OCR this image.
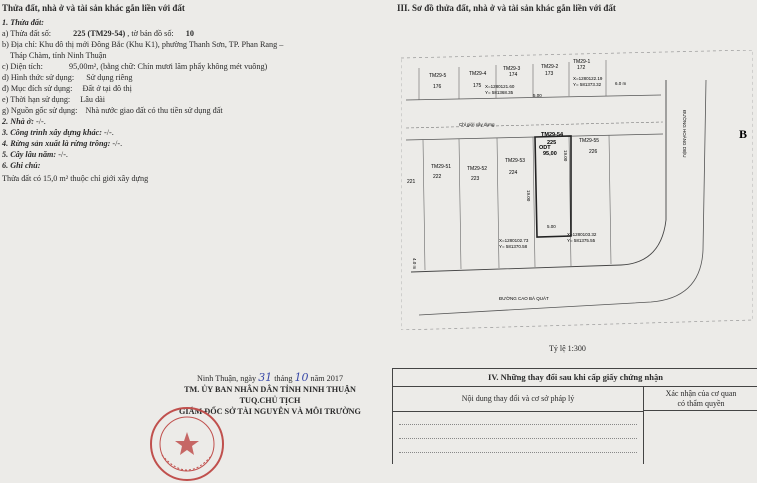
Thửa đất, nhà ở và tài sản khác gắn liền với đất
1. Thửa đất:
a) Thửa đất số:	225 (TM29-54) , tờ bản đồ số: 10
b) Địa chỉ: Khu đô thị mới Đông Bắc (Khu K1), phường Thanh Sơn, TP. Phan Rang –
Tháp Chàm, tỉnh Ninh Thuận
c) Diện tích:	95,00m², (bằng chữ: Chín mươi lăm phẩy không mét vuông)
d) Hình thức sử dụng: Sử dụng riêng
đ) Mục đích sử dụng: Đất ở tại đô thị
e) Thời hạn sử dụng: Lâu dài
g) Nguồn gốc sử dụng: Nhà nước giao đất có thu tiền sử dụng đất
2. Nhà ở: -/-.
3. Công trình xây dựng khác: -/-.
4. Rừng sản xuất là rừng trồng: -/-.
5. Cây lâu năm: -/-.
6. Ghi chú:
Thửa đất có 15,0 m² thuộc chỉ giới xây dựng
Ninh Thuận, ngày 31 tháng 10 năm 2017
TM. ỦY BAN NHÂN DÂN TỈNH NINH THUẬN
TUQ.CHỦ TỊCH
GIÁM ĐỐC SỞ TÀI NGUYÊN VÀ MÔI TRƯỜNG
III. Sơ đồ thửa đất, nhà ở và tài sản khác gắn liền với đất
TM29-5	TM29-4
TM29-3	TM29-2
TM29-1
176	175
174	173
172
X=1280121.60
Y= 581368.35
X=1280122.19
Y= 581373.32
5.00
6.0 m
Chỉ giới xây dựng
TM29-51	TM29-52
TM29-53
TM29-55
222	223
224
226
221
TM29-54
225
ODT
95,00
19.00
19.00
5.00
X=1280102.73
Y= 581370.58
X=1280103.32
Y= 581375.55
ĐƯỜNG CAO BÁ QUÁT
ĐƯỜNG HOÀNG DIỆU
4.0 m
B
Tỷ lệ 1:300
IV. Những thay đổi sau khi cấp giấy chứng nhận
Nội dung thay đổi và cơ sở pháp lý
Xác nhận của cơ quan
có thẩm quyền
